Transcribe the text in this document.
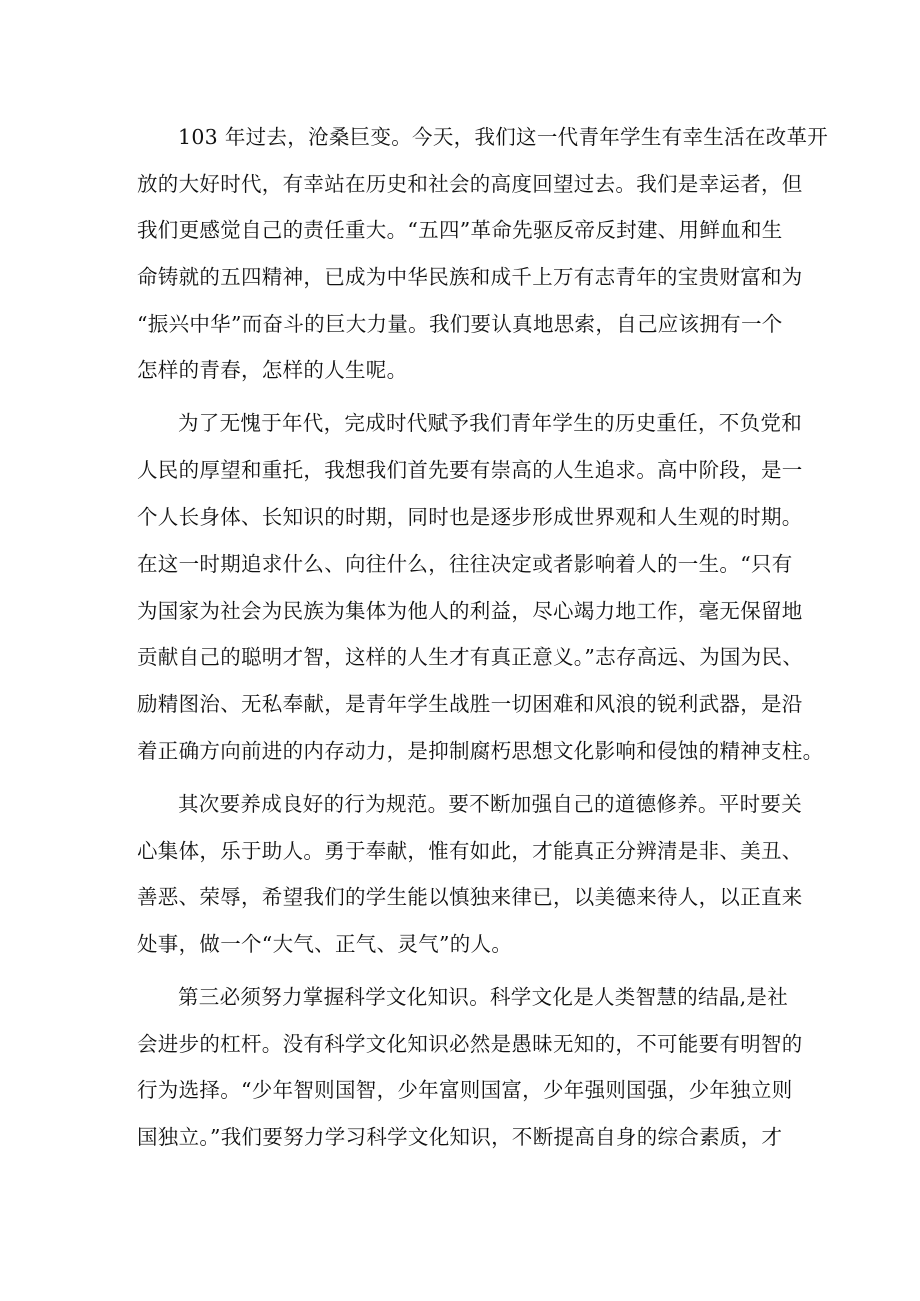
103 年过去，沧桑巨变。今天，我们这一代青年学生有幸生活在改革开
放的大好时代，有幸站在历史和社会的高度回望过去。我们是幸运者，但
我们更感觉自己的责任重大。“五四”革命先驱反帝反封建、用鲜血和生
命铸就的五四精神，已成为中华民族和成千上万有志青年的宝贵财富和为
“振兴中华”而奋斗的巨大力量。我们要认真地思索，自己应该拥有一个
怎样的青春，怎样的人生呢。
为了无愧于年代，完成时代赋予我们青年学生的历史重任，不负党和
人民的厚望和重托，我想我们首先要有崇高的人生追求。高中阶段，是一
个人长身体、长知识的时期，同时也是逐步形成世界观和人生观的时期。
在这一时期追求什么、向往什么，往往决定或者影响着人的一生。“只有
为国家为社会为民族为集体为他人的利益，尽心竭力地工作，毫无保留地
贡献自己的聪明才智，这样的人生才有真正意义。”志存高远、为国为民、
励精图治、无私奉献，是青年学生战胜一切困难和风浪的锐利武器，是沿
着正确方向前进的内存动力，是抑制腐朽思想文化影响和侵蚀的精神支柱。
其次要养成良好的行为规范。要不断加强自己的道德修养。平时要关
心集体，乐于助人。勇于奉献，惟有如此，才能真正分辨清是非、美丑、
善恶、荣辱，希望我们的学生能以慎独来律已，以美德来待人，以正直来
处事，做一个“大气、正气、灵气”的人。
第三必须努力掌握科学文化知识。科学文化是人类智慧的结晶,是社
会进步的杠杆。没有科学文化知识必然是愚昧无知的，不可能要有明智的
行为选择。“少年智则国智，少年富则国富，少年强则国强，少年独立则
国独立。”我们要努力学习科学文化知识，不断提高自身的综合素质，才
